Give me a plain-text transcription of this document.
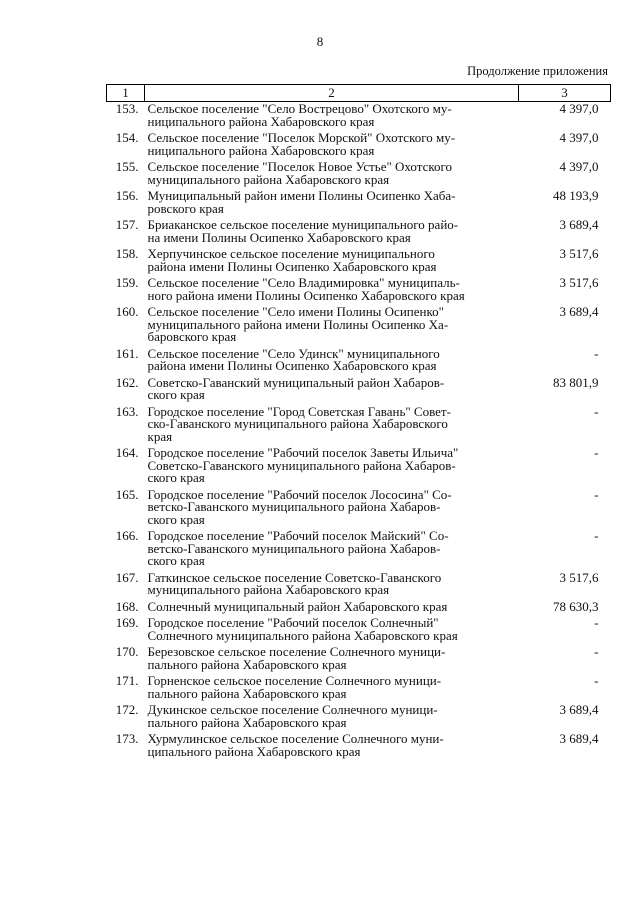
8
Продолжение приложения
1	2	3
153.	Сельское поселение "Село Вострецово" Охотского му-
ниципального района Хабаровского края	4 397,0
154.	Сельское поселение "Поселок Морской" Охотского му-
ниципального района Хабаровского края	4 397,0
155.	Сельское поселение "Поселок Новое Устье" Охотского
муниципального района Хабаровского края	4 397,0
156.	Муниципальный район имени Полины Осипенко Хаба-
ровского края	48 193,9
157.	Бриаканское сельское поселение муниципального райо-
на имени Полины Осипенко Хабаровского края	3 689,4
158.	Херпучинское сельское поселение муниципального
района имени Полины Осипенко Хабаровского края	3 517,6
159.	Сельское поселение "Село Владимировка" муниципаль-
ного района имени Полины Осипенко Хабаровского края	3 517,6
160.	Сельское поселение "Село имени Полины Осипенко"
муниципального района имени Полины Осипенко Ха-
баровского края	3 689,4
161.	Сельское поселение "Село Удинск" муниципального
района имени Полины Осипенко Хабаровского края	-
162.	Советско-Гаванский муниципальный район Хабаров-
ского края	83 801,9
163.	Городское поселение "Город Советская Гавань" Совет-
ско-Гаванского муниципального района Хабаровского
края	-
164.	Городское поселение "Рабочий поселок Заветы Ильича"
Советско-Гаванского муниципального района Хабаров-
ского края	-
165.	Городское поселение "Рабочий поселок Лососина" Со-
ветско-Гаванского муниципального района Хабаров-
ского края	-
166.	Городское поселение "Рабочий поселок Майский" Со-
ветско-Гаванского муниципального района Хабаров-
ского края	-
167.	Гаткинское сельское поселение Советско-Гаванского
муниципального района Хабаровского края	3 517,6
168.	Солнечный муниципальный район Хабаровского края	78 630,3
169.	Городское поселение "Рабочий поселок Солнечный"
Солнечного муниципального района Хабаровского края	-
170.	Березовское сельское поселение Солнечного муници-
пального района Хабаровского края	-
171.	Горненское сельское поселение Солнечного муници-
пального района Хабаровского края	-
172.	Дукинское сельское поселение Солнечного муници-
пального района Хабаровского края	3 689,4
173.	Хурмулинское сельское поселение Солнечного муни-
ципального района Хабаровского края	3 689,4
